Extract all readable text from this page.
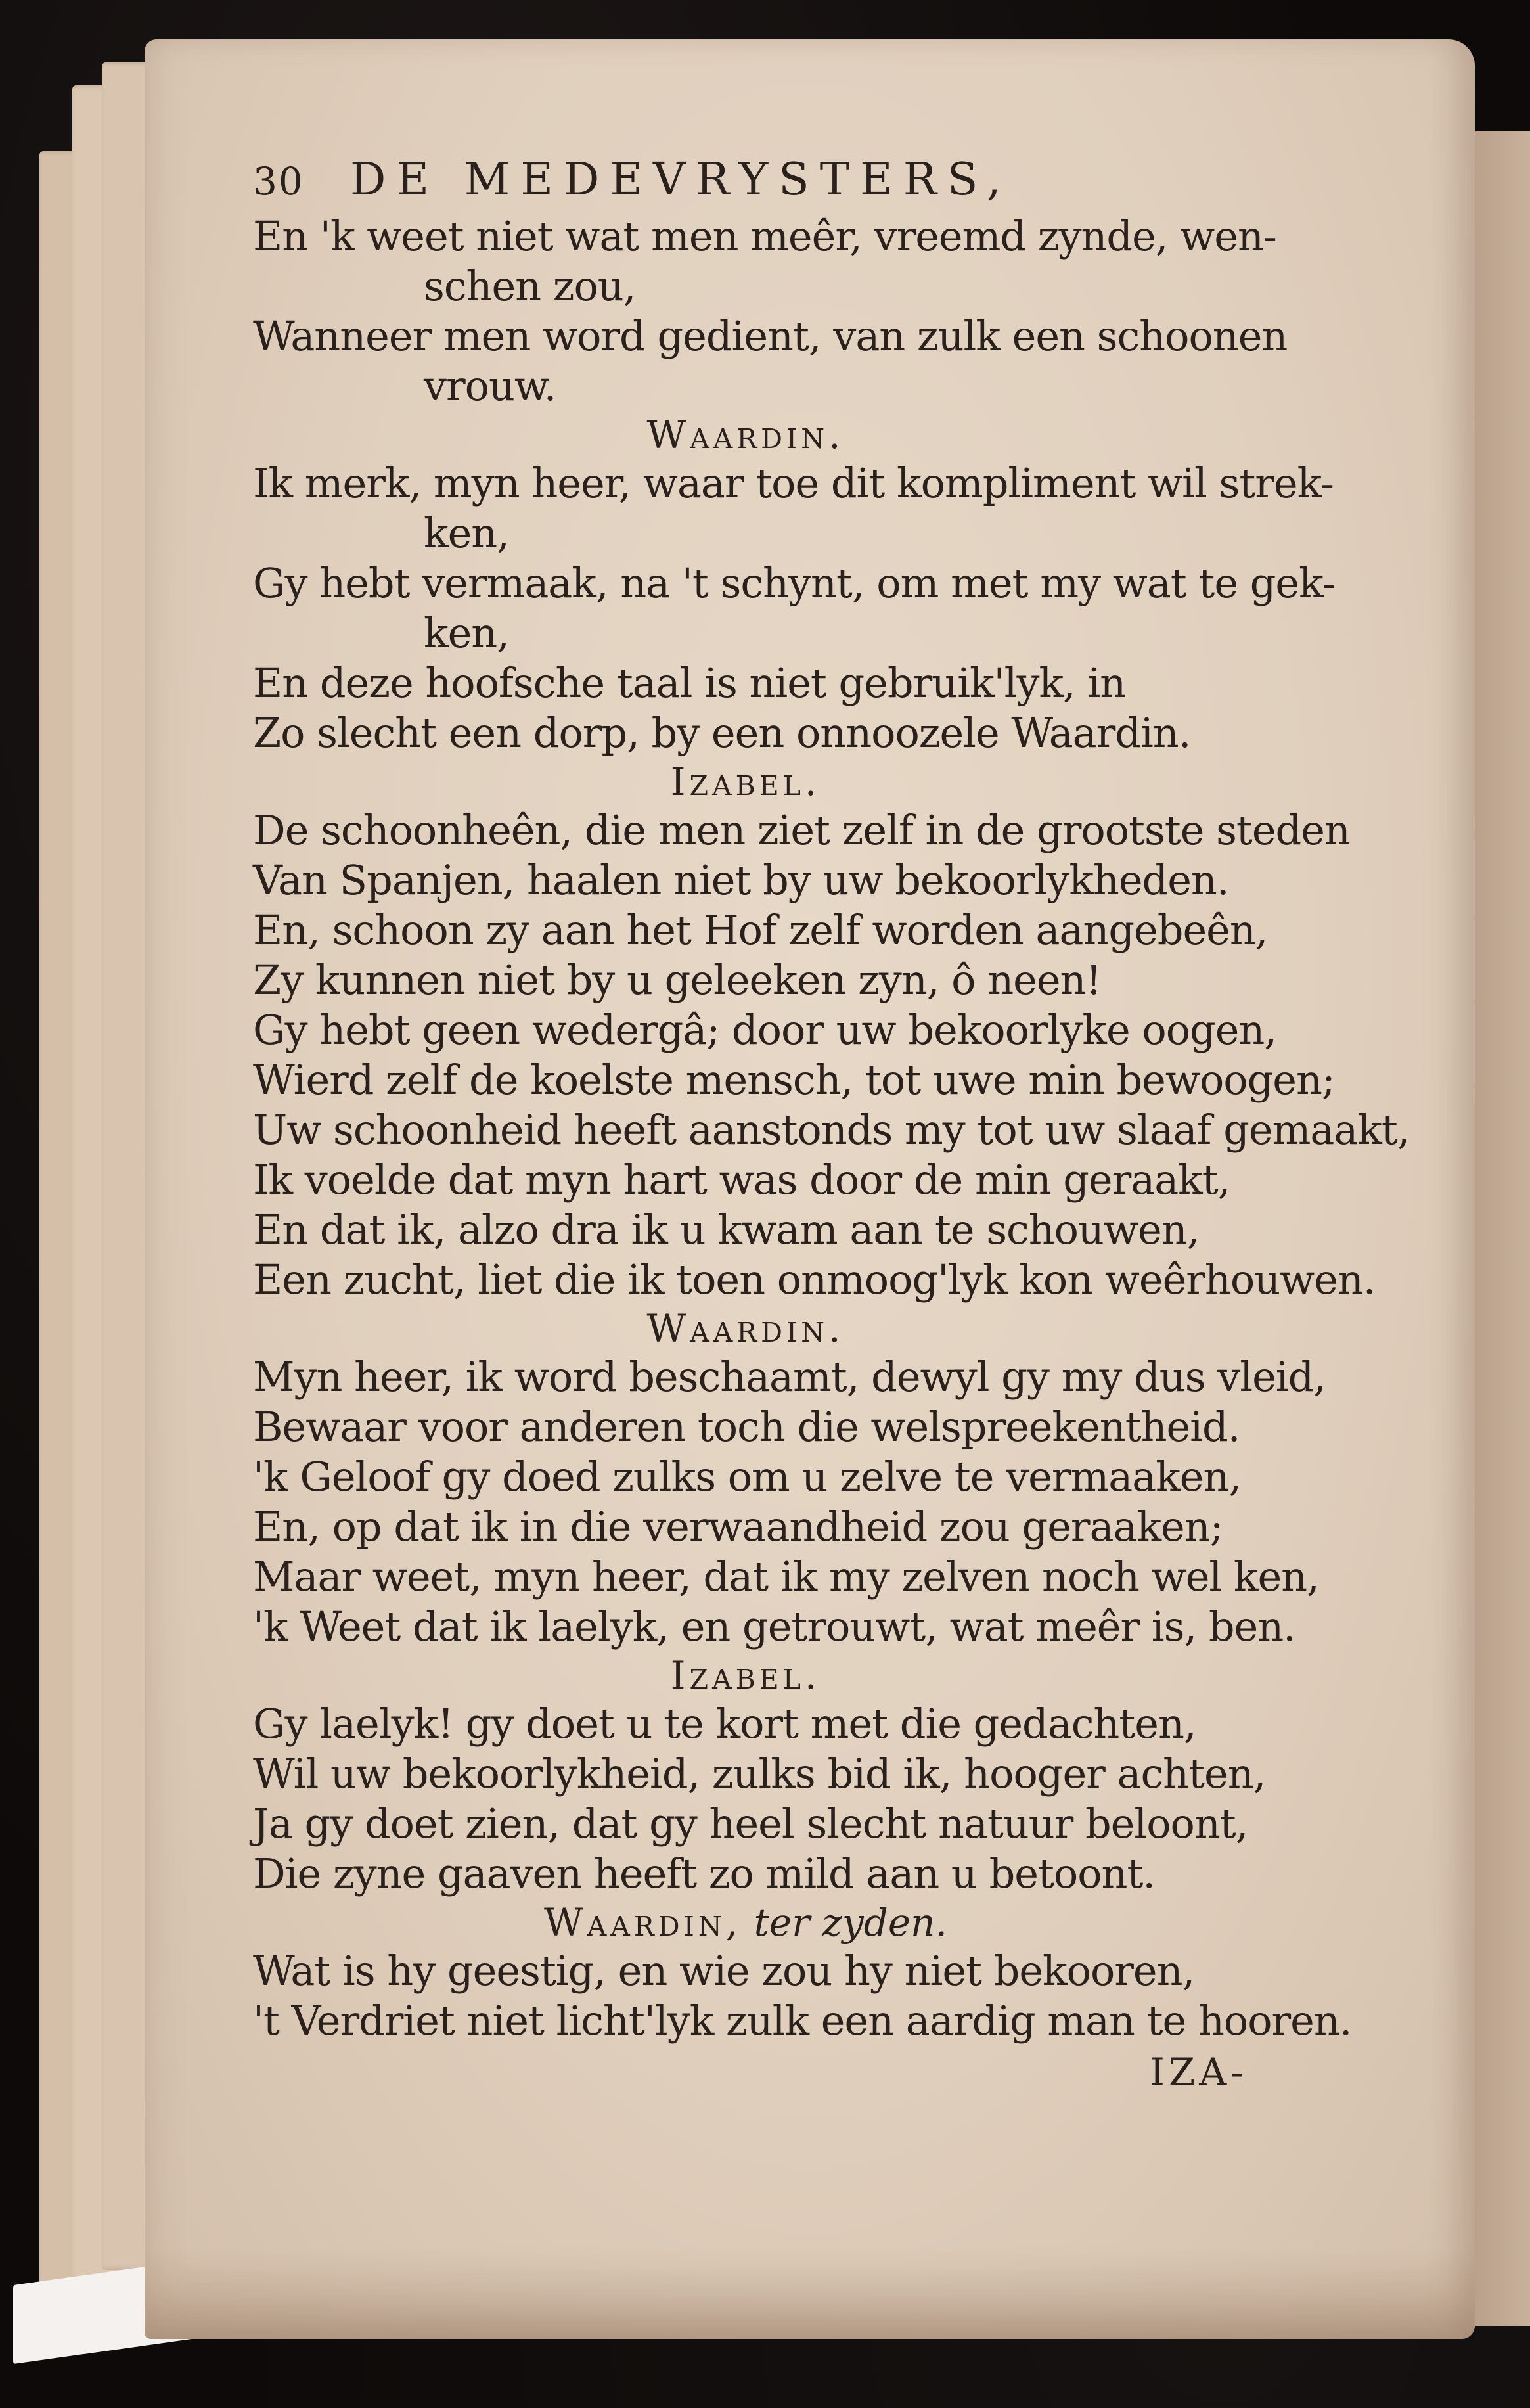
30 DE MEDEVRYSTERS,
En 'k weet niet wat men meêr, vreemd zynde, wen-
schen zou,
Wanneer men word gedient, van zulk een schoonen
vrouw.
Waardin.
Ik merk, myn heer, waar toe dit kompliment wil strek-
ken,
Gy hebt vermaak, na 't schynt, om met my wat te gek-
ken,
En deze hoofsche taal is niet gebruik'lyk, in
Zo slecht een dorp, by een onnoozele Waardin.
Izabel.
De schoonheên, die men ziet zelf in de grootste steden
Van Spanjen, haalen niet by uw bekoorlykheden.
En, schoon zy aan het Hof zelf worden aangebeên,
Zy kunnen niet by u geleeken zyn, ô neen!
Gy hebt geen wedergâ; door uw bekoorlyke oogen,
Wierd zelf de koelste mensch, tot uwe min bewoogen;
Uw schoonheid heeft aanstonds my tot uw slaaf gemaakt,
Ik voelde dat myn hart was door de min geraakt,
En dat ik, alzo dra ik u kwam aan te schouwen,
Een zucht, liet die ik toen onmoog'lyk kon weêrhouwen.
Waardin.
Myn heer, ik word beschaamt, dewyl gy my dus vleid,
Bewaar voor anderen toch die welspreekentheid.
'k Geloof gy doed zulks om u zelve te vermaaken,
En, op dat ik in die verwaandheid zou geraaken;
Maar weet, myn heer, dat ik my zelven noch wel ken,
'k Weet dat ik laelyk, en getrouwt, wat meêr is, ben.
Izabel.
Gy laelyk! gy doet u te kort met die gedachten,
Wil uw bekoorlykheid, zulks bid ik, hooger achten,
Ja gy doet zien, dat gy heel slecht natuur beloont,
Die zyne gaaven heeft zo mild aan u betoont.
Waardin, ter zyden.
Wat is hy geestig, en wie zou hy niet bekooren,
't Verdriet niet licht'lyk zulk een aardig man te hooren.
IZA-
